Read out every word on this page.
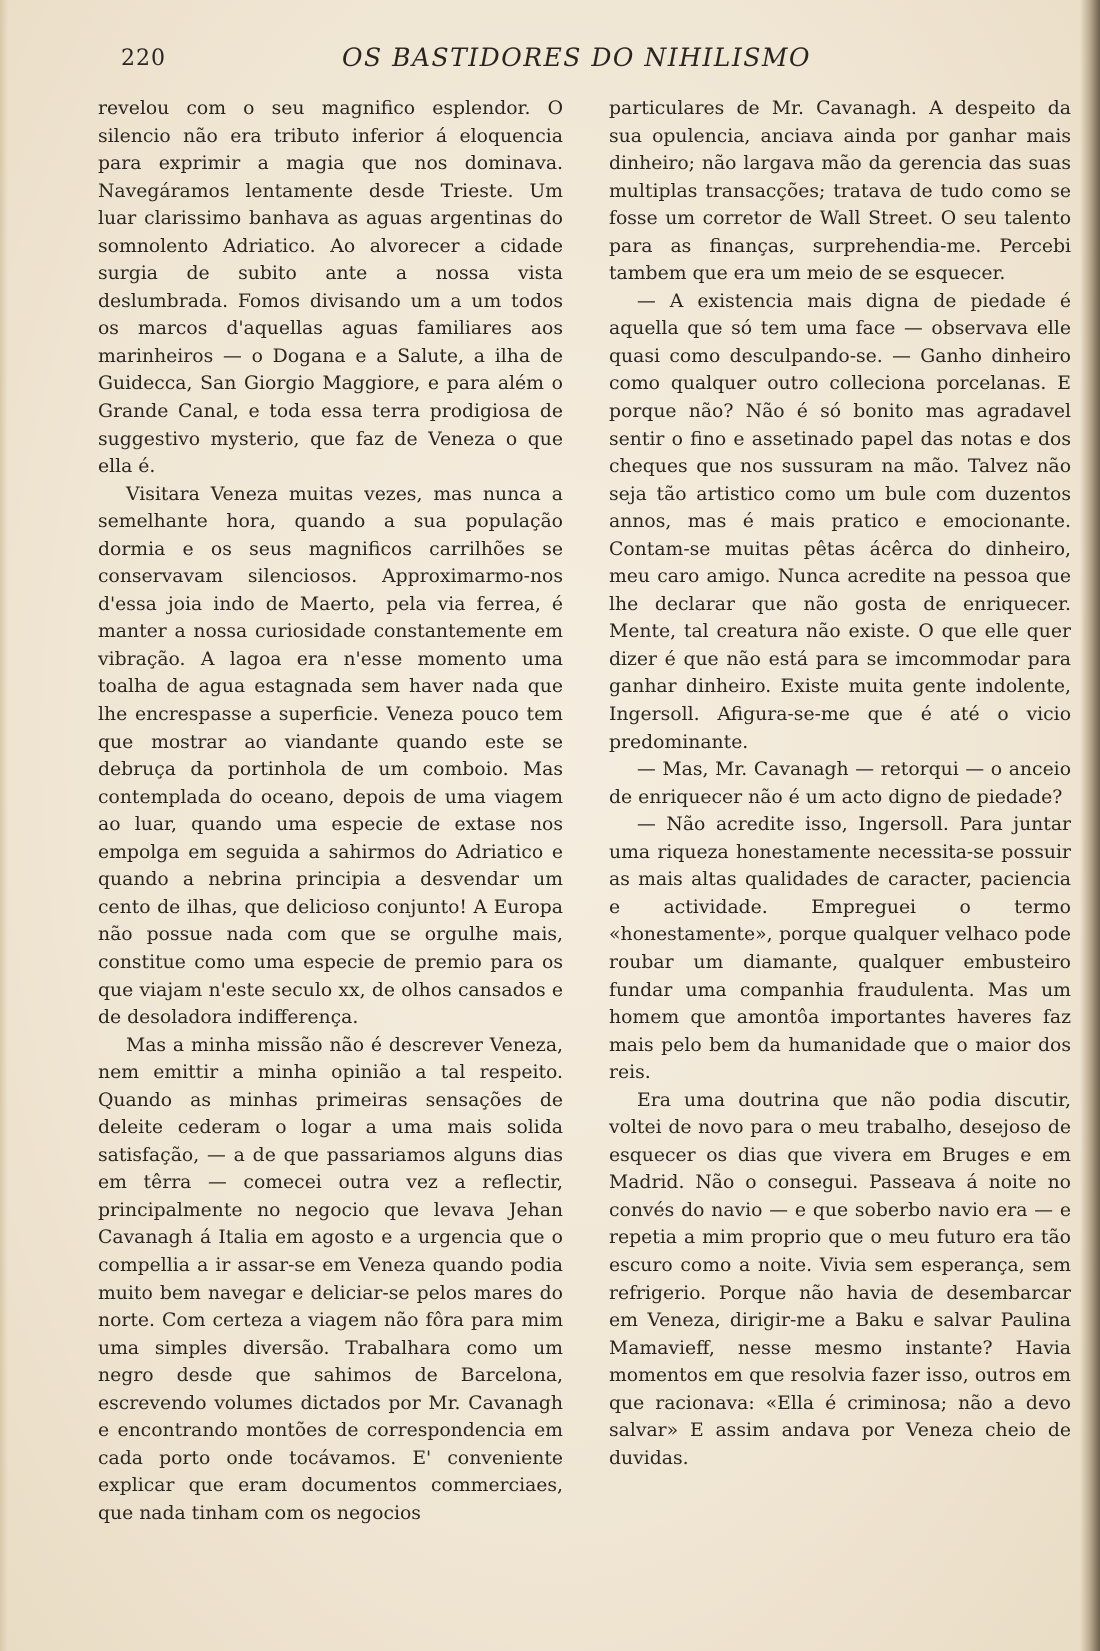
220	OS BASTIDORES DO NIHILISMO

revelou com o seu magnifico esplendor. O silencio não era tributo inferior á eloquencia para exprimir a magia que nos dominava. Navegáramos lentamente desde Trieste. Um luar clarissimo banhava as aguas argentinas do somnolento Adriatico. Ao alvorecer a cidade surgia de subito ante a nossa vista deslumbrada. Fomos divisando um a um todos os marcos d'aquellas aguas familiares aos marinheiros — o Dogana e a Salute, a ilha de Guidecca, San Giorgio Maggiore, e para além o Grande Canal, e toda essa terra prodigiosa de suggestivo mysterio, que faz de Veneza o que ella é.

Visitara Veneza muitas vezes, mas nunca a semelhante hora, quando a sua população dormia e os seus magnificos carrilhões se conservavam silenciosos. Approximarmo-nos d'essa joia indo de Maerto, pela via ferrea, é manter a nossa curiosidade constantemente em vibração. A lagoa era n'esse momento uma toalha de agua estagnada sem haver nada que lhe encrespasse a superficie. Veneza pouco tem que mostrar ao viandante quando este se debruça da portinhola de um comboio. Mas contemplada do oceano, depois de uma viagem ao luar, quando uma especie de extase nos empolga em seguida a sahirmos do Adriatico e quando a nebrina principia a desvendar um cento de ilhas, que delicioso conjunto! A Europa não possue nada com que se orgulhe mais, constitue como uma especie de premio para os que viajam n'este seculo xx, de olhos cansados e de desoladora indifferença.

Mas a minha missão não é descrever Veneza, nem emittir a minha opinião a tal respeito. Quando as minhas primeiras sensações de deleite cederam o logar a uma mais solida satisfação, — a de que passariamos alguns dias em têrra — comecei outra vez a reflectir, principalmente no negocio que levava Jehan Cavanagh á Italia em agosto e a urgencia que o compellia a ir assar-se em Veneza quando podia muito bem navegar e deliciar-se pelos mares do norte. Com certeza a viagem não fôra para mim uma simples diversão. Trabalhara como um negro desde que sahimos de Barcelona, escrevendo volumes dictados por Mr. Cavanagh e encontrando montões de correspondencia em cada porto onde tocávamos. E' conveniente explicar que eram documentos commerciaes, que nada tinham com os negocios

particulares de Mr. Cavanagh. A despeito da sua opulencia, anciava ainda por ganhar mais dinheiro; não largava mão da gerencia das suas multiplas transacções; tratava de tudo como se fosse um corretor de Wall Street. O seu talento para as finanças, surprehendia-me. Percebi tambem que era um meio de se esquecer.

— A existencia mais digna de piedade é aquella que só tem uma face — observava elle quasi como desculpando-se. — Ganho dinheiro como qualquer outro colleciona porcelanas. E porque não? Não é só bonito mas agradavel sentir o fino e assetinado papel das notas e dos cheques que nos sussuram na mão. Talvez não seja tão artistico como um bule com duzentos annos, mas é mais pratico e emocionante. Contam-se muitas pêtas ácêrca do dinheiro, meu caro amigo. Nunca acredite na pessoa que lhe declarar que não gosta de enriquecer. Mente, tal creatura não existe. O que elle quer dizer é que não está para se imcommodar para ganhar dinheiro. Existe muita gente indolente, Ingersoll. Afigura-se-me que é até o vicio predominante.

— Mas, Mr. Cavanagh — retorqui — o anceio de enriquecer não é um acto digno de piedade?

— Não acredite isso, Ingersoll. Para juntar uma riqueza honestamente necessita-se possuir as mais altas qualidades de caracter, paciencia e actividade. Empreguei o termo «honestamente», porque qualquer velhaco pode roubar um diamante, qualquer embusteiro fundar uma companhia fraudulenta. Mas um homem que amontôa importantes haveres faz mais pelo bem da humanidade que o maior dos reis.

Era uma doutrina que não podia discutir, voltei de novo para o meu trabalho, desejoso de esquecer os dias que vivera em Bruges e em Madrid. Não o consegui. Passeava á noite no convés do navio — e que soberbo navio era — e repetia a mim proprio que o meu futuro era tão escuro como a noite. Vivia sem esperança, sem refrigerio. Porque não havia de desembarcar em Veneza, dirigir-me a Baku e salvar Paulina Mamavieff, nesse mesmo instante? Havia momentos em que resolvia fazer isso, outros em que racionava: «Ella é criminosa; não a devo salvar» E assim andava por Veneza cheio de duvidas.
